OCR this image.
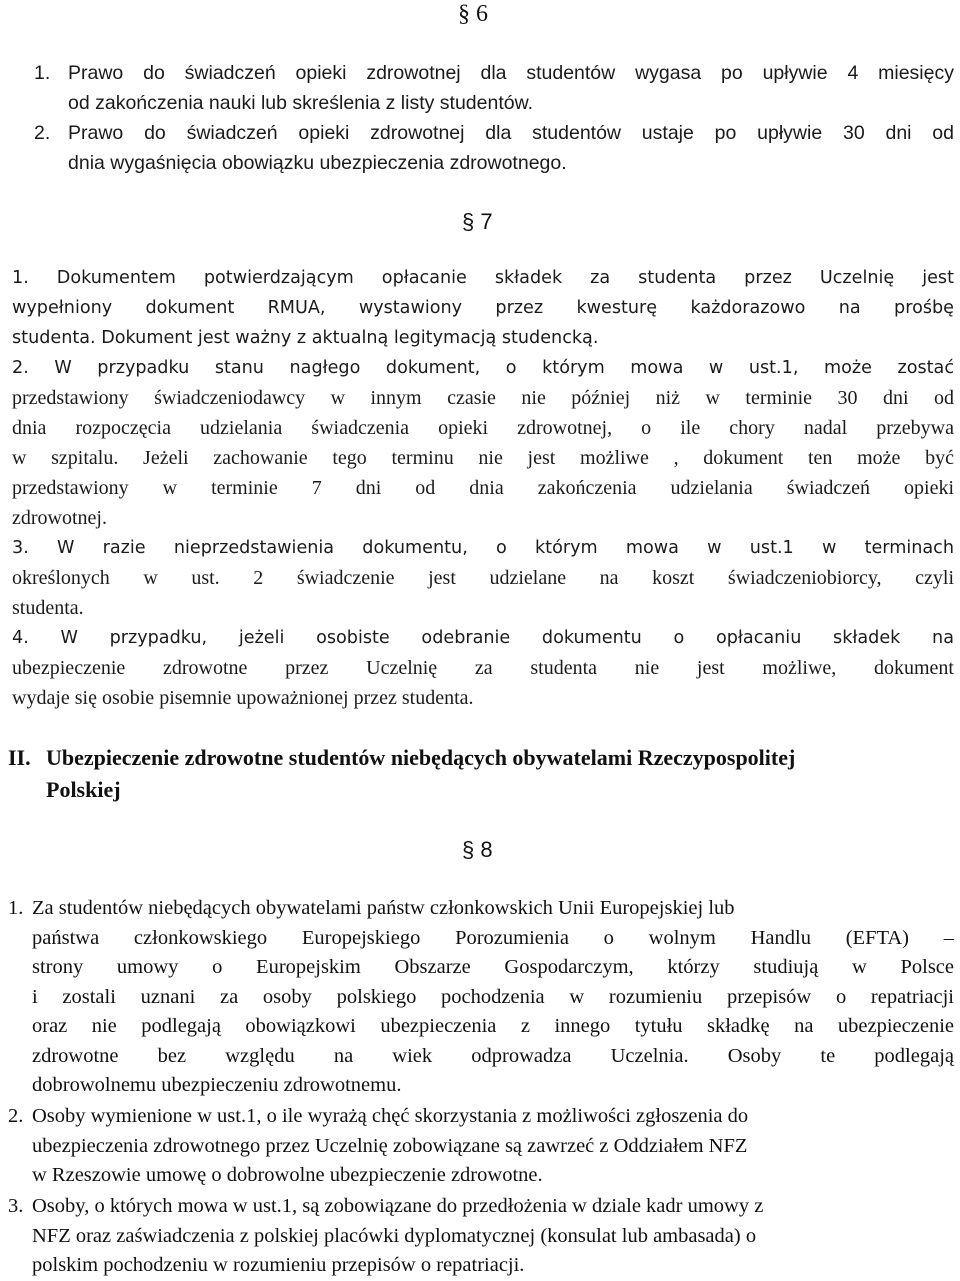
§ 6
1. Prawo do świadczeń opieki zdrowotnej dla studentów wygasa po upływie 4 miesięcy
od zakończenia nauki lub skreślenia z listy studentów.
2. Prawo do świadczeń opieki zdrowotnej dla studentów ustaje po upływie 30 dni od
dnia wygaśnięcia obowiązku ubezpieczenia zdrowotnego.
§ 7
1. Dokumentem potwierdzającym opłacanie składek za studenta przez Uczelnię jest
wypełniony dokument RMUA, wystawiony przez kwesturę każdorazowo na prośbę
studenta. Dokument jest ważny z aktualną legitymacją studencką.
2. W przypadku stanu nagłego dokument, o którym mowa w ust.1, może zostać
przedstawiony świadczeniodawcy w innym czasie nie później niż w terminie 30 dni od
dnia rozpoczęcia udzielania świadczenia opieki zdrowotnej, o ile chory nadal przebywa
w szpitalu. Jeżeli zachowanie tego terminu nie jest możliwe , dokument ten może być
przedstawiony w terminie 7 dni od dnia zakończenia udzielania świadczeń opieki
zdrowotnej.
3. W razie nieprzedstawienia dokumentu, o którym mowa w ust.1 w terminach
określonych w ust. 2 świadczenie jest udzielane na koszt świadczeniobiorcy, czyli
studenta.
4. W przypadku, jeżeli osobiste odebranie dokumentu o opłacaniu składek na
ubezpieczenie zdrowotne przez Uczelnię za studenta nie jest możliwe, dokument
wydaje się osobie pisemnie upoważnionej przez studenta.
II. Ubezpieczenie zdrowotne studentów niebędących obywatelami Rzeczypospolitej
Polskiej
§ 8
1. Za studentów niebędących obywatelami państw członkowskich Unii Europejskiej lub
państwa członkowskiego Europejskiego Porozumienia o wolnym Handlu (EFTA) –
strony umowy o Europejskim Obszarze Gospodarczym, którzy studiują w Polsce
i zostali uznani za osoby polskiego pochodzenia w rozumieniu przepisów o repatriacji
oraz nie podlegają obowiązkowi ubezpieczenia z innego tytułu składkę na ubezpieczenie
zdrowotne bez względu na wiek odprowadza Uczelnia. Osoby te podlegają
dobrowolnemu ubezpieczeniu zdrowotnemu.
2. Osoby wymienione w ust.1, o ile wyrażą chęć skorzystania z możliwości zgłoszenia do
ubezpieczenia zdrowotnego przez Uczelnię zobowiązane są zawrzeć z Oddziałem NFZ
w Rzeszowie umowę o dobrowolne ubezpieczenie zdrowotne.
3. Osoby, o których mowa w ust.1, są zobowiązane do przedłożenia w dziale kadr umowy z
NFZ oraz zaświadczenia z polskiej placówki dyplomatycznej (konsulat lub ambasada) o
polskim pochodzeniu w rozumieniu przepisów o repatriacji.
